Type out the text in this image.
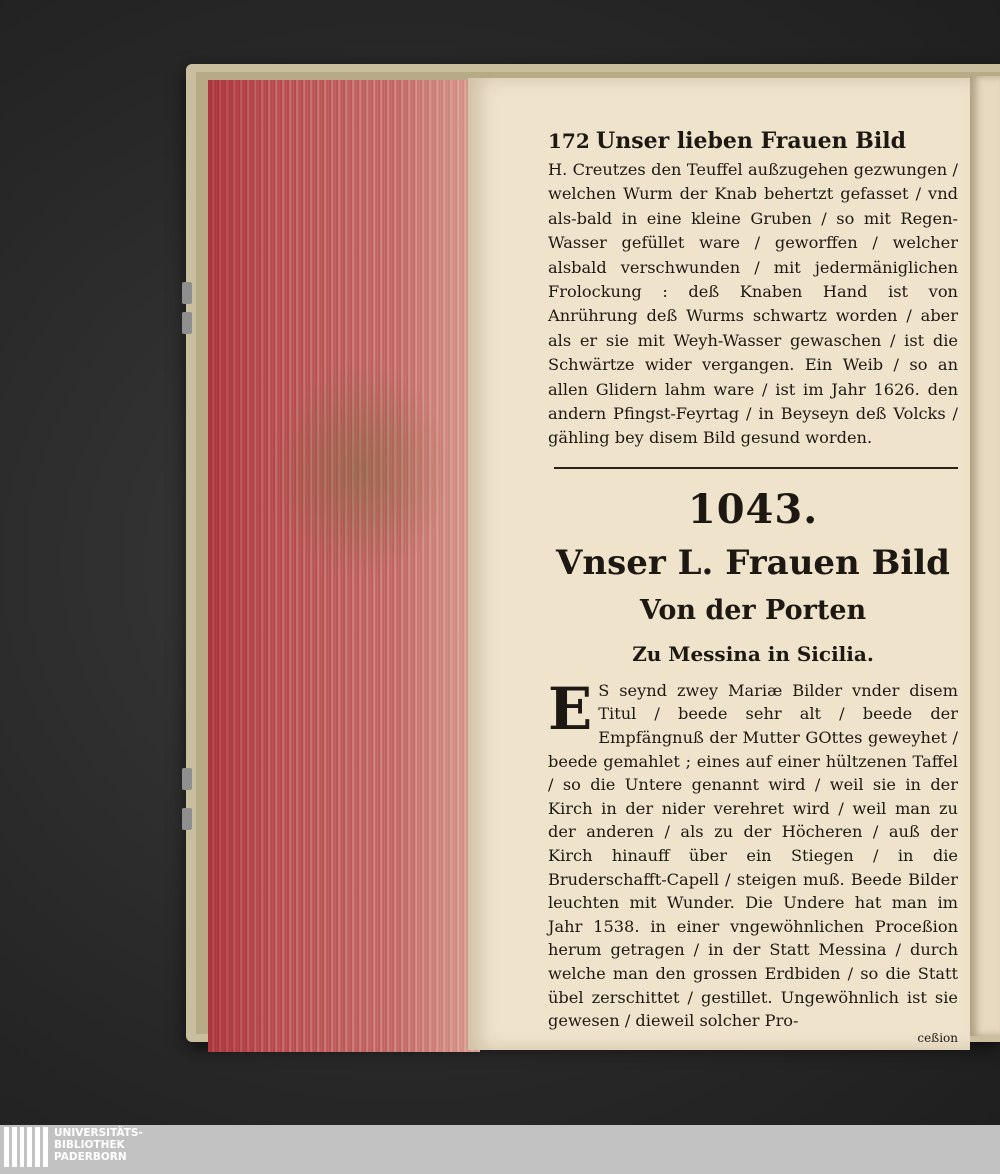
172 Unser lieben Frauen Bild
H. Creutzes den Teuffel außzugehen gezwungen / welchen Wurm der Knab behertzt gefasset / vnd als-bald in eine kleine Gruben / so mit Regen-Wasser gefüllet ware / geworffen / welcher alsbald verschwunden / mit jedermäniglichen Frolockung : deß Knaben Hand ist von Anrührung deß Wurms schwartz worden / aber als er sie mit Weyh-Wasser gewaschen / ist die Schwärtze wider vergangen. Ein Weib / so an allen Glidern lahm ware / ist im Jahr 1626. den andern Pfingst-Feyrtag / in Beyseyn deß Volcks / gähling bey disem Bild gesund worden.
1043.
Vnser L. Frauen Bild
Von der Porten
Zu Messina in Sicilia.
E S seynd zwey Mariæ Bilder vnder disem Titul / beede sehr alt / beede der Empfängnuß der Mutter GOttes geweyhet / beede gemahlet ; eines auf einer hültzenen Taffel / so die Untere genannt wird / weil sie in der Kirch in der nider verehret wird / weil man zu der anderen / als zu der Höcheren / auß der Kirch hinauff über ein Stiegen / in die Bruderschafft-Capell / steigen muß. Beede Bilder leuchten mit Wunder. Die Undere hat man im Jahr 1538. in einer vngewöhnlichen Proceßion herum getragen / in der Statt Messina / durch welche man den grossen Erdbiden / so die Statt übel zerschittet / gestillet. Ungewöhnlich ist sie gewesen / dieweil solcher Pro-
ceßion
UNIVERSITÄTS-
BIBLIOTHEK
PADERBORN
